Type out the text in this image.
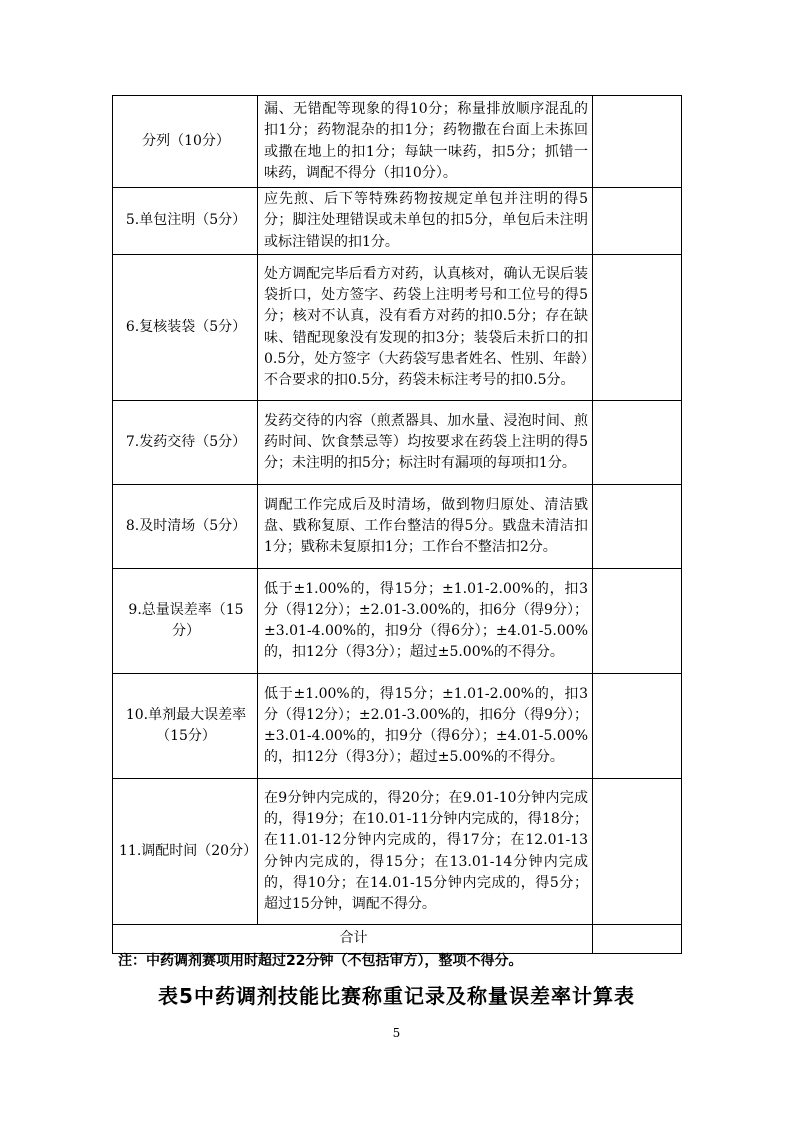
分列（10分）	漏、无错配等现象的得10分；称量排放顺序混乱的扣1分；药物混杂的扣1分；药物撒在台面上未拣回或撒在地上的扣1分；每缺一味药，扣5分；抓错一味药，调配不得分（扣10分）。	
5.单包注明（5分）	应先煎、后下等特殊药物按规定单包并注明的得5分；脚注处理错误或未单包的扣5分，单包后未注明或标注错误的扣1分。	
6.复核装袋（5分）	处方调配完毕后看方对药，认真核对，确认无误后装袋折口，处方签字、药袋上注明考号和工位号的得5分；核对不认真，没有看方对药的扣0.5分；存在缺味、错配现象没有发现的扣3分；装袋后未折口的扣0.5分，处方签字（大药袋写患者姓名、性别、年龄）不合要求的扣0.5分，药袋未标注考号的扣0.5分。	
7.发药交待（5分）	发药交待的内容（煎煮器具、加水量、浸泡时间、煎药时间、饮食禁忌等）均按要求在药袋上注明的得5分；未注明的扣5分；标注时有漏项的每项扣1分。	
8.及时清场（5分）	调配工作完成后及时清场，做到物归原处、清洁戥盘、戥称复原、工作台整洁的得5分。戥盘未清洁扣1分；戥称未复原扣1分；工作台不整洁扣2分。	
9.总量误差率（15分）	低于±1.00%的，得15分；±1.01-2.00%的，扣3分（得12分）；±2.01-3.00%的，扣6分（得9分）；±3.01-4.00%的，扣9分（得6分）；±4.01-5.00%的，扣12分（得3分）；超过±5.00%的不得分。	
10.单剂最大误差率（15分）	低于±1.00%的，得15分；±1.01-2.00%的，扣3分（得12分）；±2.01-3.00%的，扣6分（得9分）；±3.01-4.00%的，扣9分（得6分）；±4.01-5.00%的，扣12分（得3分）；超过±5.00%的不得分。	
11.调配时间（20分）	在9分钟内完成的，得20分；在9.01-10分钟内完成的，得19分；在10.01-11分钟内完成的，得18分；在11.01-12分钟内完成的，得17分；在12.01-13分钟内完成的，得15分；在13.01-14分钟内完成的，得10分；在14.01-15分钟内完成的，得5分；超过15分钟，调配不得分。	
合计		
注：中药调剂赛项用时超过22分钟（不包括审方），整项不得分。
表5中药调剂技能比赛称重记录及称量误差率计算表
5
